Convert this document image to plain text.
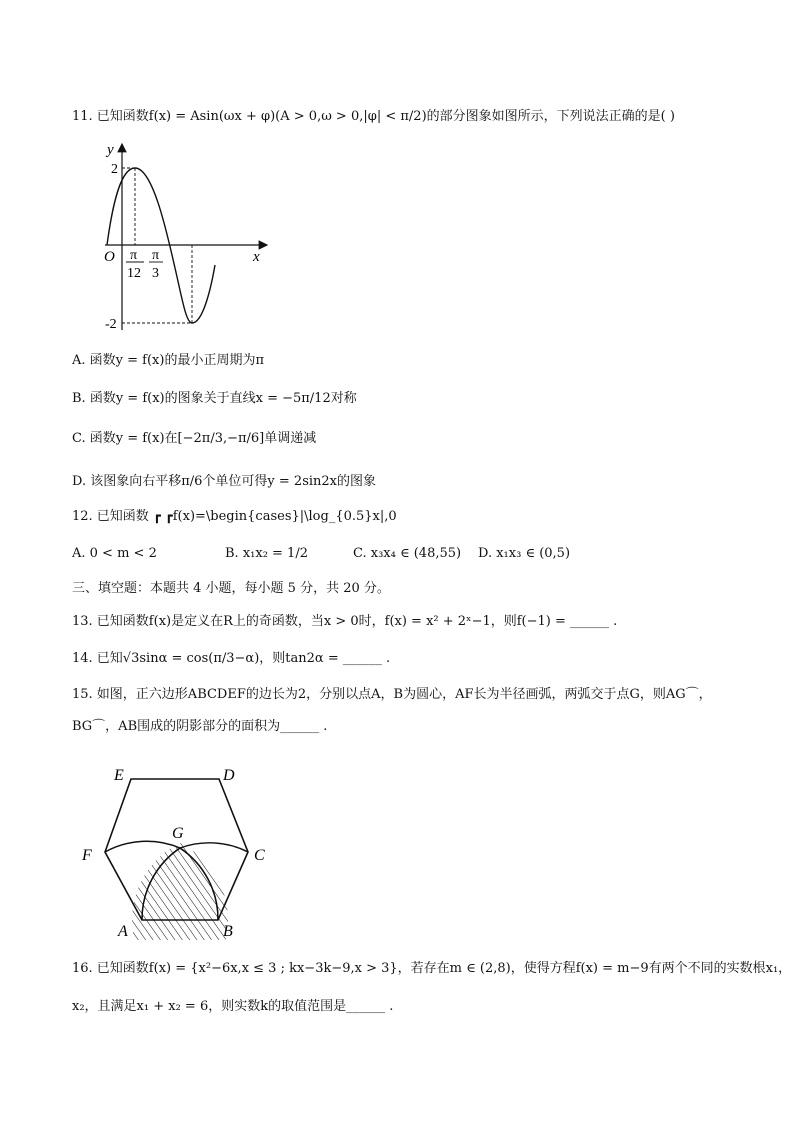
11. 已知函数f(x) = Asin(ωx + φ)(A > 0,ω > 0,|φ| < π/2)的部分图象如图所示，下列说法正确的是( )
y
x
O
2
-2
π
12
π
3
A. 函数y = f(x)的最小正周期为π
B. 函数y = f(x)的图象关于直线x = −5π/12对称
C. 函数y = f(x)在[−2π/3,−π/6]单调递减
D. 该图象向右平移π/6个单位可得y = 2sin2x的图象
12. 已知函数 ┏ ┏f(x)=\begin{cases}|\log_{0.5}x|,0
A. 0 < m < 2	B. x₁x₂ = 1/2	C. x₃x₄ ∈ (48,55) D. x₁x₃ ∈ (0,5)
三、填空题：本题共 4 小题，每小题 5 分，共 20 分。
13. 已知函数f(x)是定义在R上的奇函数，当x > 0时，f(x) = x² + 2ˣ−1，则f(−1) = ______ .
14. 已知√3sinα = cos(π/3−α)，则tan2α = ______ .
15. 如图，正六边形ABCDEF的边长为2，分别以点A，B为圆心，AF长为半径画弧，两弧交于点G，则AG⌒，
BG⌒，AB围成的阴影部分的面积为______ .
E	D
F	C
G
A	B
16. 已知函数f(x) = {x²−6x,x ≤ 3 ; kx−3k−9,x > 3}，若存在m ∈ (2,8)，使得方程f(x) = m−9有两个不同的实数根x₁，
x₂，且满足x₁ + x₂ = 6，则实数k的取值范围是______ .
